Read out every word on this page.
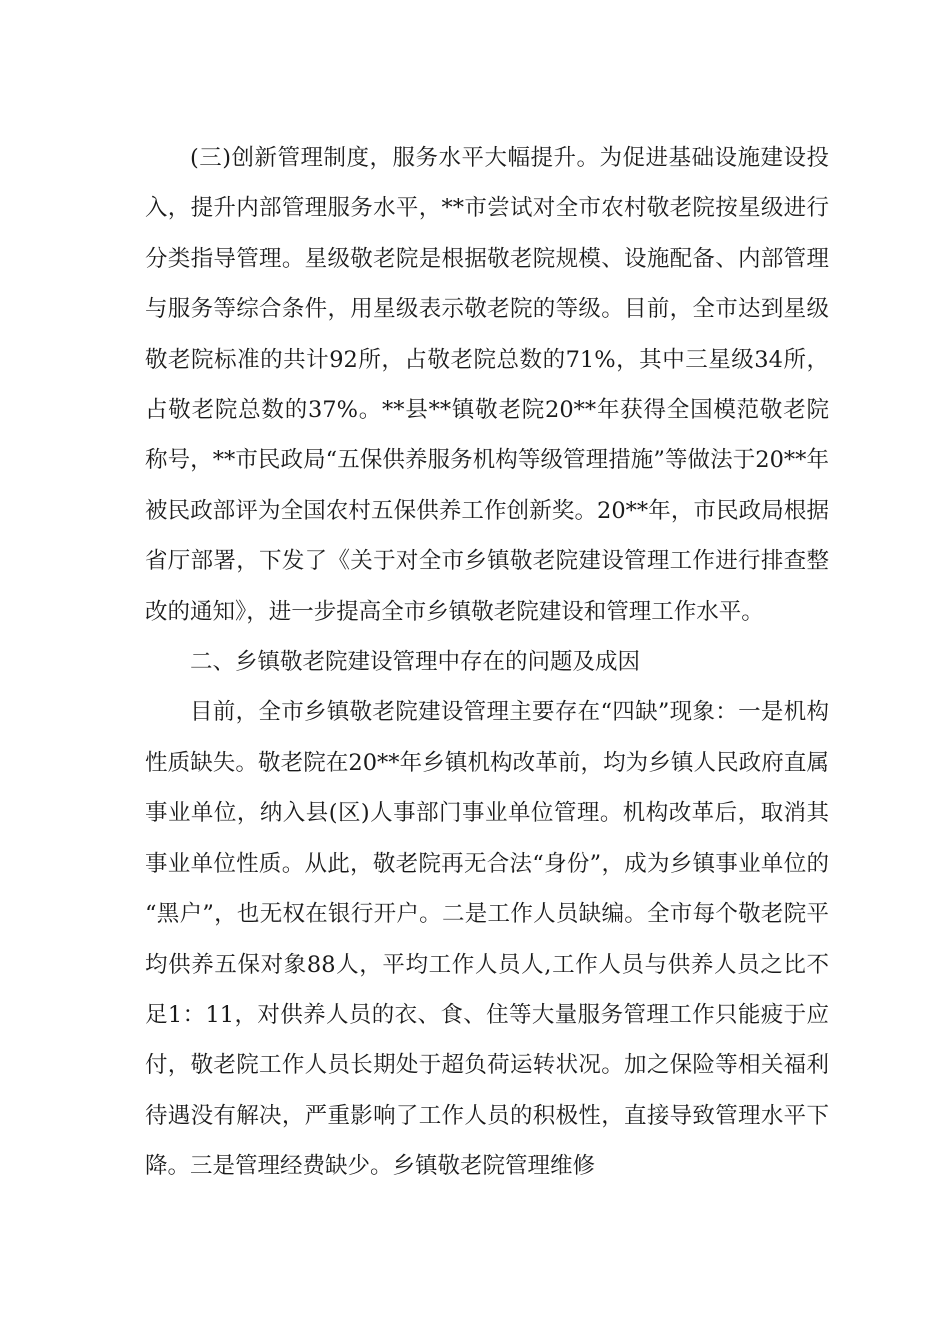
(三)创新管理制度，服务水平大幅提升。为促进基础设施建设投入，提升内部管理服务水平，**市尝试对全市农村敬老院按星级进行分类指导管理。星级敬老院是根据敬老院规模、设施配备、内部管理与服务等综合条件，用星级表示敬老院的等级。目前，全市达到星级敬老院标准的共计92所，占敬老院总数的71%，其中三星级34所，占敬老院总数的37%。**县**镇敬老院20**年获得全国模范敬老院称号，**市民政局“五保供养服务机构等级管理措施”等做法于20**年被民政部评为全国农村五保供养工作创新奖。20**年，市民政局根据省厅部署，下发了《关于对全市乡镇敬老院建设管理工作进行排查整改的通知》，进一步提高全市乡镇敬老院建设和管理工作水平。

二、乡镇敬老院建设管理中存在的问题及成因

目前，全市乡镇敬老院建设管理主要存在“四缺”现象：一是机构性质缺失。敬老院在20**年乡镇机构改革前，均为乡镇人民政府直属事业单位，纳入县(区)人事部门事业单位管理。机构改革后，取消其事业单位性质。从此，敬老院再无合法“身份”，成为乡镇事业单位的“黑户”，也无权在银行开户。二是工作人员缺编。全市每个敬老院平均供养五保对象88人，平均工作人员人,工作人员与供养人员之比不足1：11，对供养人员的衣、食、住等大量服务管理工作只能疲于应付，敬老院工作人员长期处于超负荷运转状况。加之保险等相关福利待遇没有解决，严重影响了工作人员的积极性，直接导致管理水平下降。三是管理经费缺少。乡镇敬老院管理维修
